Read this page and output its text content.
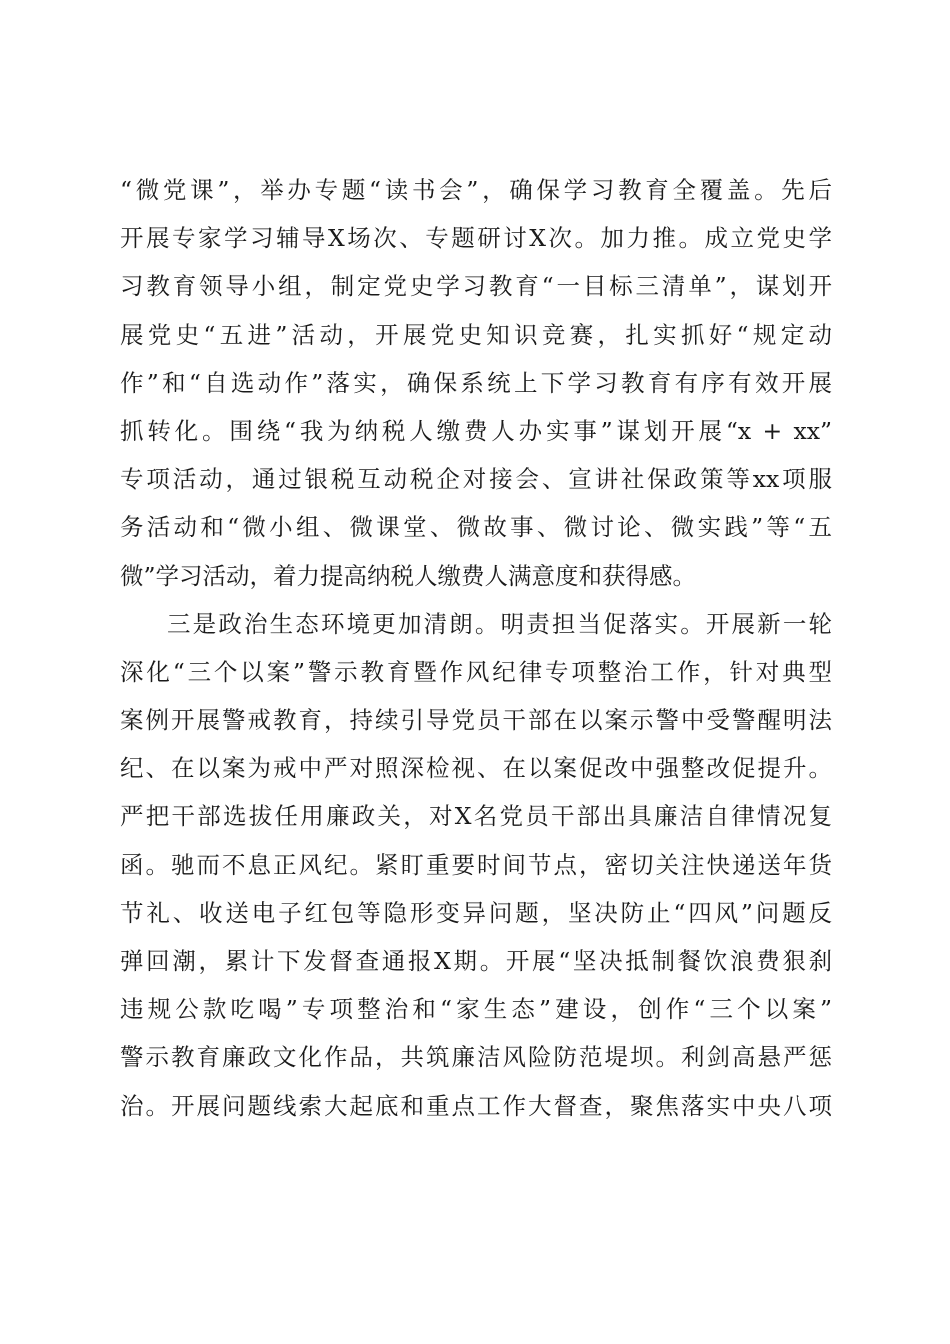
“微党课”，举办专题“读书会”，确保学习教育全覆盖。先后
开展专家学习辅导X场次、专题研讨X次。加力推。成立党史学
习教育领导小组，制定党史学习教育“一目标三清单”，谋划开
展党史“五进”活动，开展党史知识竞赛，扎实抓好“规定动
作”和“自选动作”落实，确保系统上下学习教育有序有效开展
抓转化。围绕“我为纳税人缴费人办实事”谋划开展“x + xx”
专项活动，通过银税互动税企对接会、宣讲社保政策等xx项服
务活动和“微小组、微课堂、微故事、微讨论、微实践”等“五
微”学习活动，着力提高纳税人缴费人满意度和获得感。
三是政治生态环境更加清朗。明责担当促落实。开展新一轮
深化“三个以案”警示教育暨作风纪律专项整治工作，针对典型
案例开展警戒教育，持续引导党员干部在以案示警中受警醒明法
纪、在以案为戒中严对照深检视、在以案促改中强整改促提升。
严把干部选拔任用廉政关，对X名党员干部出具廉洁自律情况复
函。驰而不息正风纪。紧盯重要时间节点，密切关注快递送年货
节礼、收送电子红包等隐形变异问题，坚决防止“四风”问题反
弹回潮，累计下发督查通报X期。开展“坚决抵制餐饮浪费狠刹
违规公款吃喝”专项整治和“家生态”建设，创作“三个以案”
警示教育廉政文化作品，共筑廉洁风险防范堤坝。利剑高悬严惩
治。开展问题线索大起底和重点工作大督查，聚焦落实中央八项
